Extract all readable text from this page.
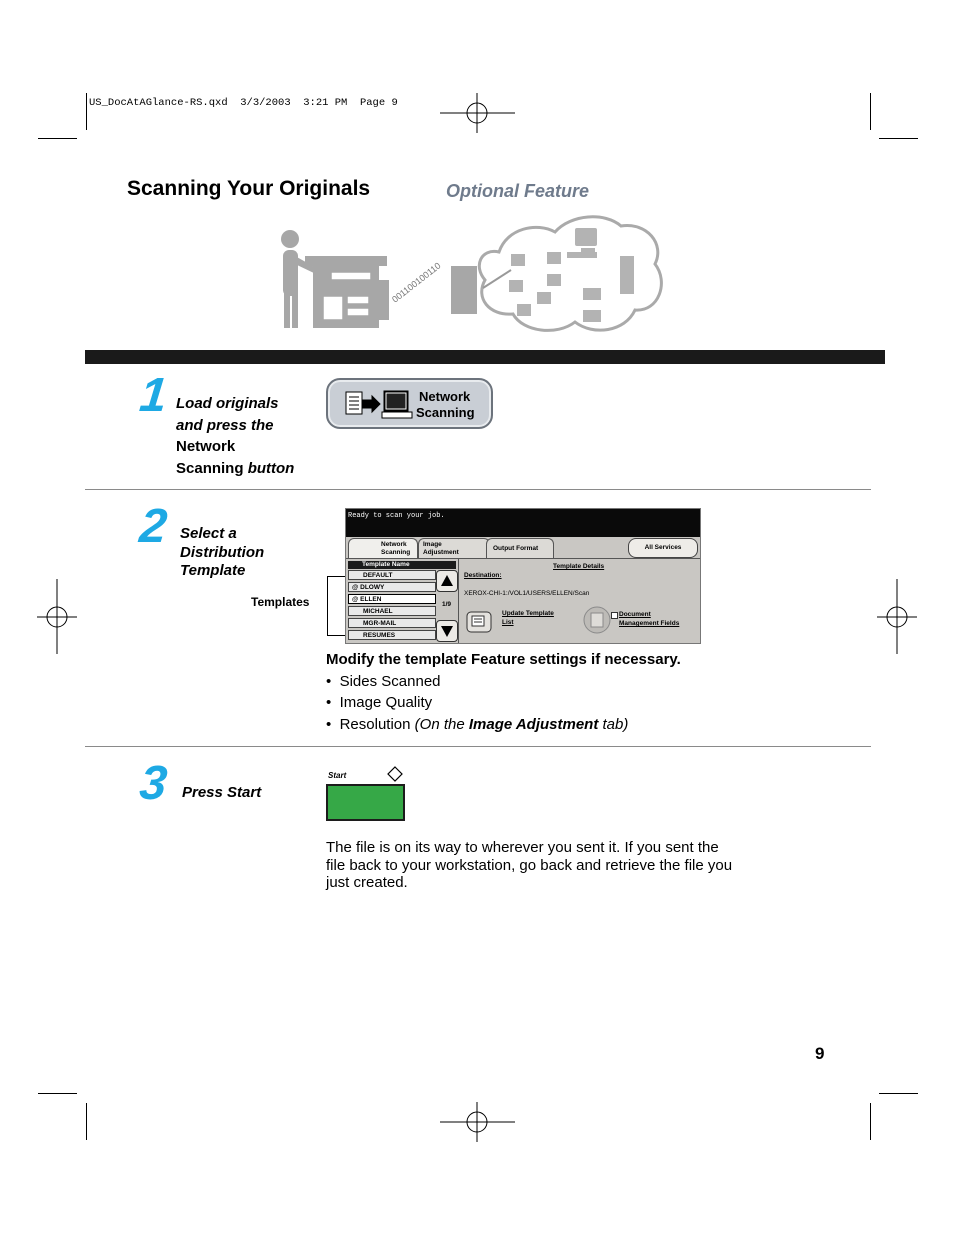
US_DocAtAGlance-RS.qxd  3/3/2003  3:21 PM  Page 9
Scanning Your Originals	Optional Feature
001100100110
1 Load originals
and press the
Network
Scanning button
Network
Scanning
2 Select a
Distribution
Template
Templates
Ready to scan your job.
Network
Scanning
Image
Adjustment
Output Format	All Services
Template Name
DEFAULT
@ DLOWY
@ ELLEN
MICHAEL
MGR-MAIL
RESUMES
1/9
Template Details
Destination:
XEROX-CHI-1:/VOL1/USERS/ELLEN/Scan
Update Template
List
Document
Management Fields
Modify the template Feature settings if necessary.
•  Sides Scanned
•  Image Quality
•  Resolution (On the Image Adjustment tab)
3 Press Start
Start
The file is on its way to wherever you sent it. If you sent the
file back to your workstation, go back and retrieve the file you
just created.
9
